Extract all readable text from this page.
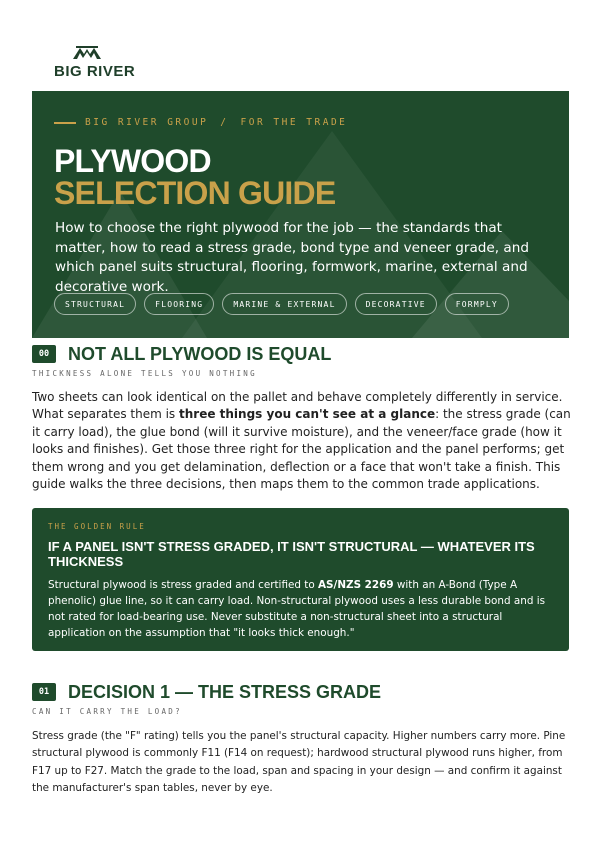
BIG RIVER
BIG RIVER GROUP / FOR THE TRADE
PLYWOOD
SELECTION GUIDE
How to choose the right plywood for the job — the standards that matter, how to read a stress grade, bond type and veneer grade, and which panel suits structural, flooring, formwork, marine, external and decorative work.
STRUCTURAL	FLOORING	MARINE & EXTERNAL	DECORATIVE	FORMPLY
00	NOT ALL PLYWOOD IS EQUAL
THICKNESS ALONE TELLS YOU NOTHING
Two sheets can look identical on the pallet and behave completely differently in service. What separates them is three things you can't see at a glance: the stress grade (can it carry load), the glue bond (will it survive moisture), and the veneer/face grade (how it looks and finishes). Get those three right for the application and the panel performs; get them wrong and you get delamination, deflection or a face that won't take a finish. This guide walks the three decisions, then maps them to the common trade applications.
THE GOLDEN RULE
IF A PANEL ISN'T STRESS GRADED, IT ISN'T STRUCTURAL — WHATEVER ITS THICKNESS
Structural plywood is stress graded and certified to AS/NZS 2269 with an A-Bond (Type A phenolic) glue line, so it can carry load. Non-structural plywood uses a less durable bond and is not rated for load-bearing use. Never substitute a non-structural sheet into a structural application on the assumption that "it looks thick enough."
01	DECISION 1 — THE STRESS GRADE
CAN IT CARRY THE LOAD?
Stress grade (the "F" rating) tells you the panel's structural capacity. Higher numbers carry more. Pine structural plywood is commonly F11 (F14 on request); hardwood structural plywood runs higher, from F17 up to F27. Match the grade to the load, span and spacing in your design — and confirm it against the manufacturer's span tables, never by eye.
